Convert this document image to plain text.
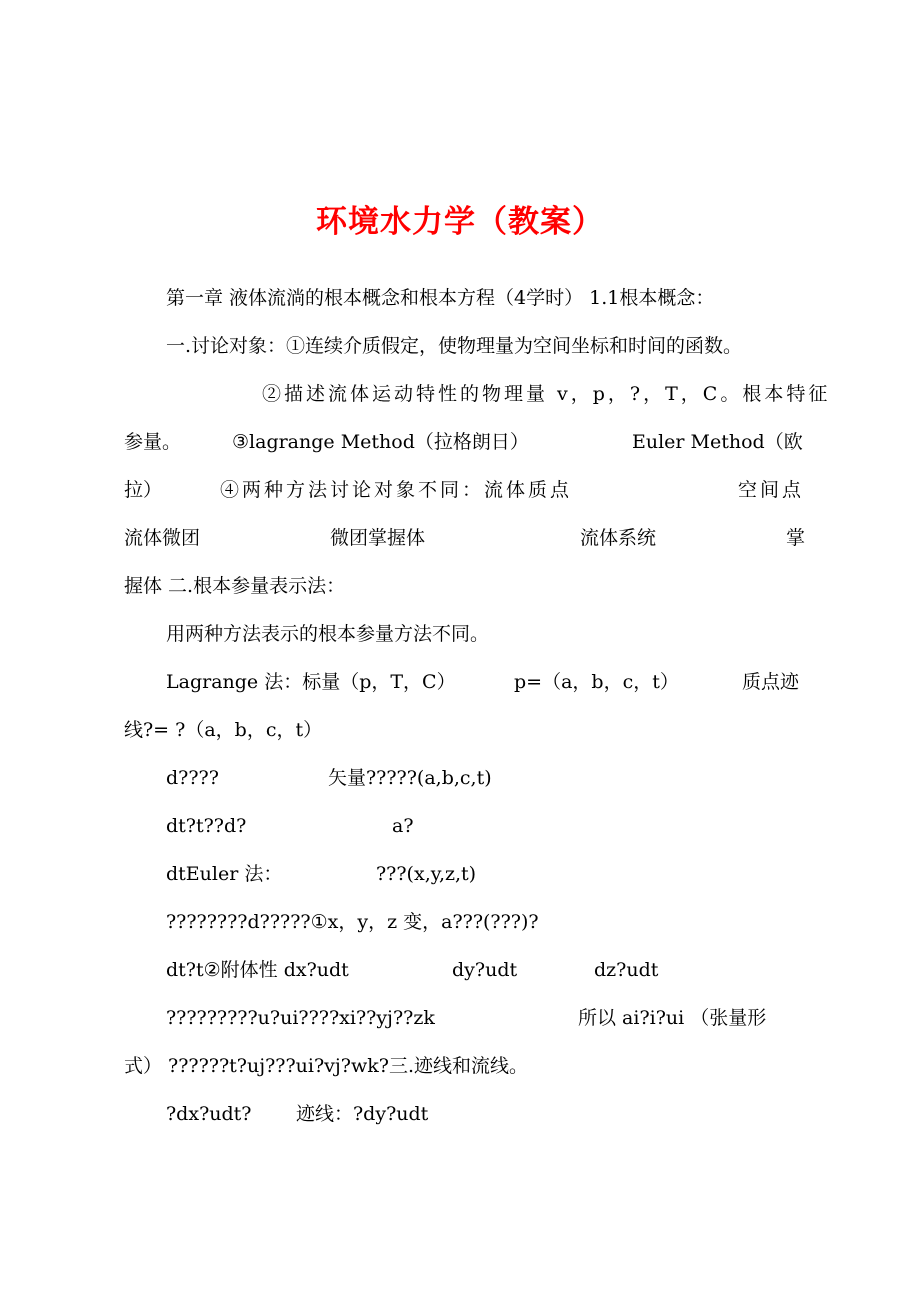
环境水力学（教案）
第一章 液体流淌的根本概念和根本方程（4学时） 1.1根本概念：
一.讨论对象：①连续介质假定，使物理量为空间坐标和时间的函数。
②描述流体运动特性的物理量 v，p，?，T，C。根本特征
参量。	③lagrange Method（拉格朗日）	Euler Method（欧
拉）	④两种方法讨论对象不同：流体质点	空间点
流体微团	微团掌握体	流体系统	掌
握体 二.根本参量表示法：
用两种方法表示的根本参量方法不同。
Lagrange 法：标量（p，T，C）	p=（a，b，c，t）	质点迹
线?= ?（a，b，c，t）
d????	矢量?????(a,b,c,t)
dt?t??d?	a?
dtEuler 法：	???(x,y,z,t)
????????d?????①x，y，z 变，a???(???)?
dt?t②附体性 dx?udt	dy?udt	dz?udt
?????????u?ui????xi??yj??zk	所以 ai?i?ui （张量形
式） ??????t?uj???ui?vj?wk?三.迹线和流线。
?dx?udt? 迹线：?dy?udt
